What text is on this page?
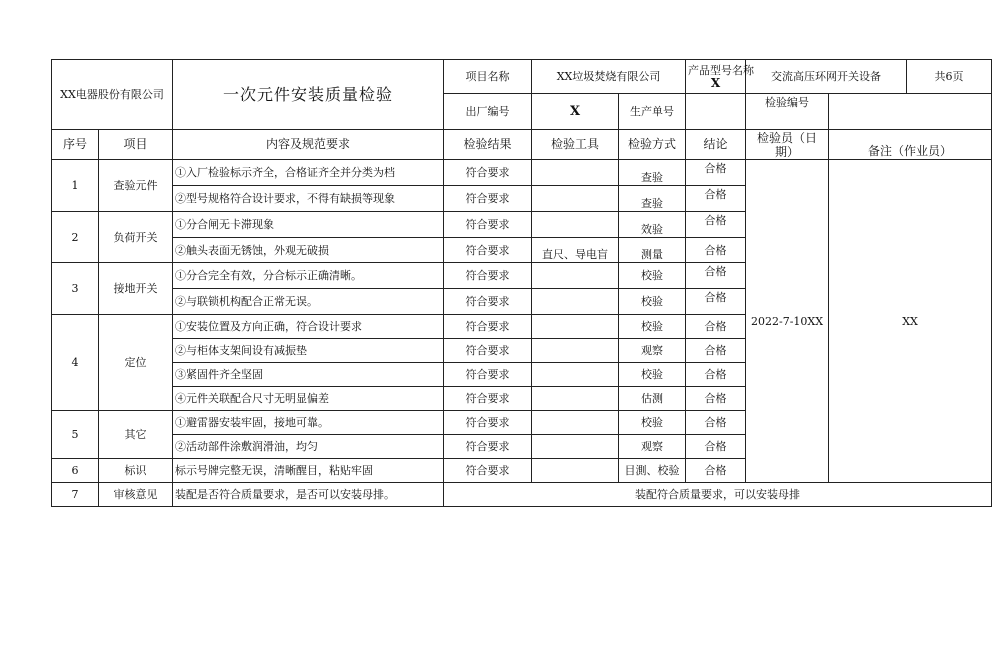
XX电器股份有限公司		一次元件安装质量检验	项目名称	XX垃圾焚烧有限公司		产品型号名称
X	交流高压环网开关设备		共6页	
			出厂编号	X	生产单号		检验编号		
序号	项目	内容及规范要求	检验结果	检验工具	检验方式	结论	检验员（日期）	备注（作业员）		
1	查验元件	①入厂检验标示齐全，合格证齐全并分类为档	符合要求		查验	合格	2022-7-10XX	XX		
		②型号规格符合设计要求，不得有缺损等现象	符合要求		查验	合格				
2	负荷开关	①分合闸无卡滞现象	符合要求		效验	合格				
		②触头表面无锈蚀，外观无破损	符合要求	直尺、导电盲	测量	合格				
3	接地开关	①分合完全有效，分合标示正确清晰。	符合要求		校验	合格				
		②与联锁机构配合正常无误。	符合要求		校验	合格				
4	定位	①安装位置及方向正确，符合设计要求	符合要求		校验	合格				
		②与柜体支架间设有减振垫	符合要求		观察	合格				
		③紧固件齐全坚固	符合要求		校验	合格				
		④元件关联配合尺寸无明显偏差	符合要求		估测	合格				
5	其它	①避雷器安装牢固，接地可靠。	符合要求		校验	合格				
		②活动部件涂敷润滑油，均匀	符合要求		观察	合格				
6	标识	标示号牌完整无误，清晰醒目，粘贴牢固	符合要求		目測、校验	合格				
7	审核意见	装配是否符合质量要求，是否可以安装母排。	装配符合质量要求，可以安装母排							
